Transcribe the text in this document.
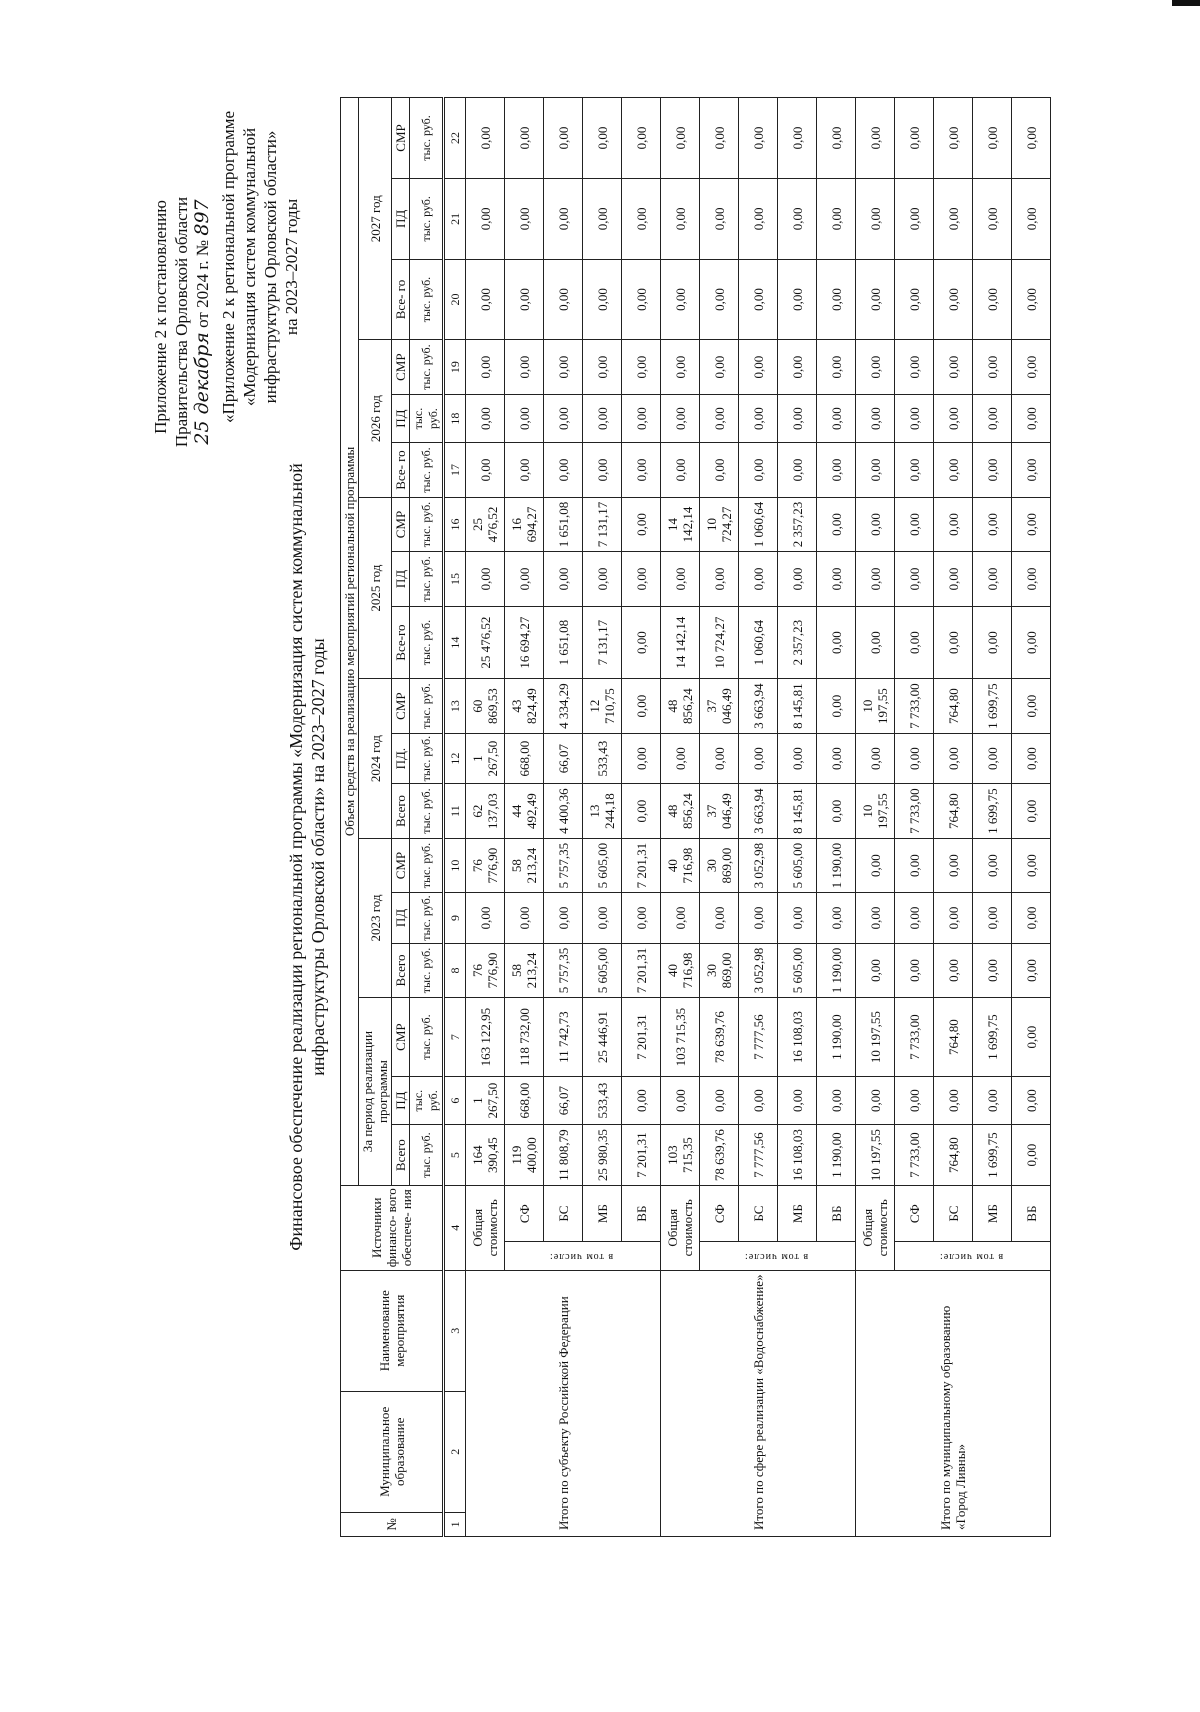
Приложение 2 к постановлению Правительства Орловской области 25 декабря от 2024 г. № 897 «Приложение 2 к региональной программе «Модернизация систем коммунальной инфраструктуры Орловской области» на 2023–2027 годы
Финансовое обеспечение реализации региональной программы «Модернизация систем коммунальной инфраструктуры Орловской области» на 2023–2027 годы
№	Муниципальное образование	Наименование мероприятия	Источники финансо- вого обеспече- ния		Объем средств на реализацию мероприятий региональной программы																	
					За период реализации программы			2023 год			2024 год			2025 год			2026 год			2027 год		
					Всего	ПД	СМР	Всего	ПД	СМР	Всего	ПД.	СМР	Все-го	ПД	СМР	Все- го	ПД	СМР	Все- го	ПД	СМР
					тыс. руб.	тыс. руб.	тыс. руб.	тыс. руб.	тыс. руб.	тыс. руб.	тыс. руб.	тыс. руб.	тыс. руб.	тыс. руб.	тыс. руб.	тыс. руб.	тыс. руб.	тыс. руб.	тыс. руб.	тыс. руб.	тыс. руб.	тыс. руб.
1	2	3	4		5	6	7	8	9	10	11	12	13	14	15	16	17	18	19	20	21	22
Итого по субъекту Российской Федерации			Общая стоимость		164 390,45	1 267,50	163 122,95	76 776,90	0,00	76 776,90	62 137,03	1 267,50	60 869,53	25 476,52	0,00	25 476,52	0,00	0,00	0,00	0,00	0,00	0,00
			в том числе:	СФ	119 400,00	668,00	118 732,00	58 213,24	0,00	58 213,24	44 492,49	668,00	43 824,49	16 694,27	0,00	16 694,27	0,00	0,00	0,00	0,00	0,00	0,00
				БС	11 808,79	66,07	11 742,73	5 757,35	0,00	5 757,35	4 400,36	66,07	4 334,29	1 651,08	0,00	1 651,08	0,00	0,00	0,00	0,00	0,00	0,00
				МБ	25 980,35	533,43	25 446,91	5 605,00	0,00	5 605,00	13 244,18	533,43	12 710,75	7 131,17	0,00	7 131,17	0,00	0,00	0,00	0,00	0,00	0,00
				ВБ	7 201,31	0,00	7 201,31	7 201,31	0,00	7 201,31	0,00	0,00	0,00	0,00	0,00	0,00	0,00	0,00	0,00	0,00	0,00	0,00
Итого по сфере реализации «Водоснабжение»			Общая стоимость		103 715,35	0,00	103 715,35	40 716,98	0,00	40 716,98	48 856,24	0,00	48 856,24	14 142,14	0,00	14 142,14	0,00	0,00	0,00	0,00	0,00	0,00
			в том числе:	СФ	78 639,76	0,00	78 639,76	30 869,00	0,00	30 869,00	37 046,49	0,00	37 046,49	10 724,27	0,00	10 724,27	0,00	0,00	0,00	0,00	0,00	0,00
				БС	7 777,56	0,00	7 777,56	3 052,98	0,00	3 052,98	3 663,94	0,00	3 663,94	1 060,64	0,00	1 060,64	0,00	0,00	0,00	0,00	0,00	0,00
				МБ	16 108,03	0,00	16 108,03	5 605,00	0,00	5 605,00	8 145,81	0,00	8 145,81	2 357,23	0,00	2 357,23	0,00	0,00	0,00	0,00	0,00	0,00
				ВБ	1 190,00	0,00	1 190,00	1 190,00	0,00	1 190,00	0,00	0,00	0,00	0,00	0,00	0,00	0,00	0,00	0,00	0,00	0,00	0,00
Итого по муниципальному образованию «Город Ливны»			Общая стоимость		10 197,55	0,00	10 197,55	0,00	0,00	0,00	10 197,55	0,00	10 197,55	0,00	0,00	0,00	0,00	0,00	0,00	0,00	0,00	0,00
			в том числе:	СФ	7 733,00	0,00	7 733,00	0,00	0,00	0,00	7 733,00	0,00	7 733,00	0,00	0,00	0,00	0,00	0,00	0,00	0,00	0,00	0,00
				БС	764,80	0,00	764,80	0,00	0,00	0,00	764,80	0,00	764,80	0,00	0,00	0,00	0,00	0,00	0,00	0,00	0,00	0,00
				МБ	1 699,75	0,00	1 699,75	0,00	0,00	0,00	1 699,75	0,00	1 699,75	0,00	0,00	0,00	0,00	0,00	0,00	0,00	0,00	0,00
				ВБ	0,00	0,00	0,00	0,00	0,00	0,00	0,00	0,00	0,00	0,00	0,00	0,00	0,00	0,00	0,00	0,00	0,00	0,00
